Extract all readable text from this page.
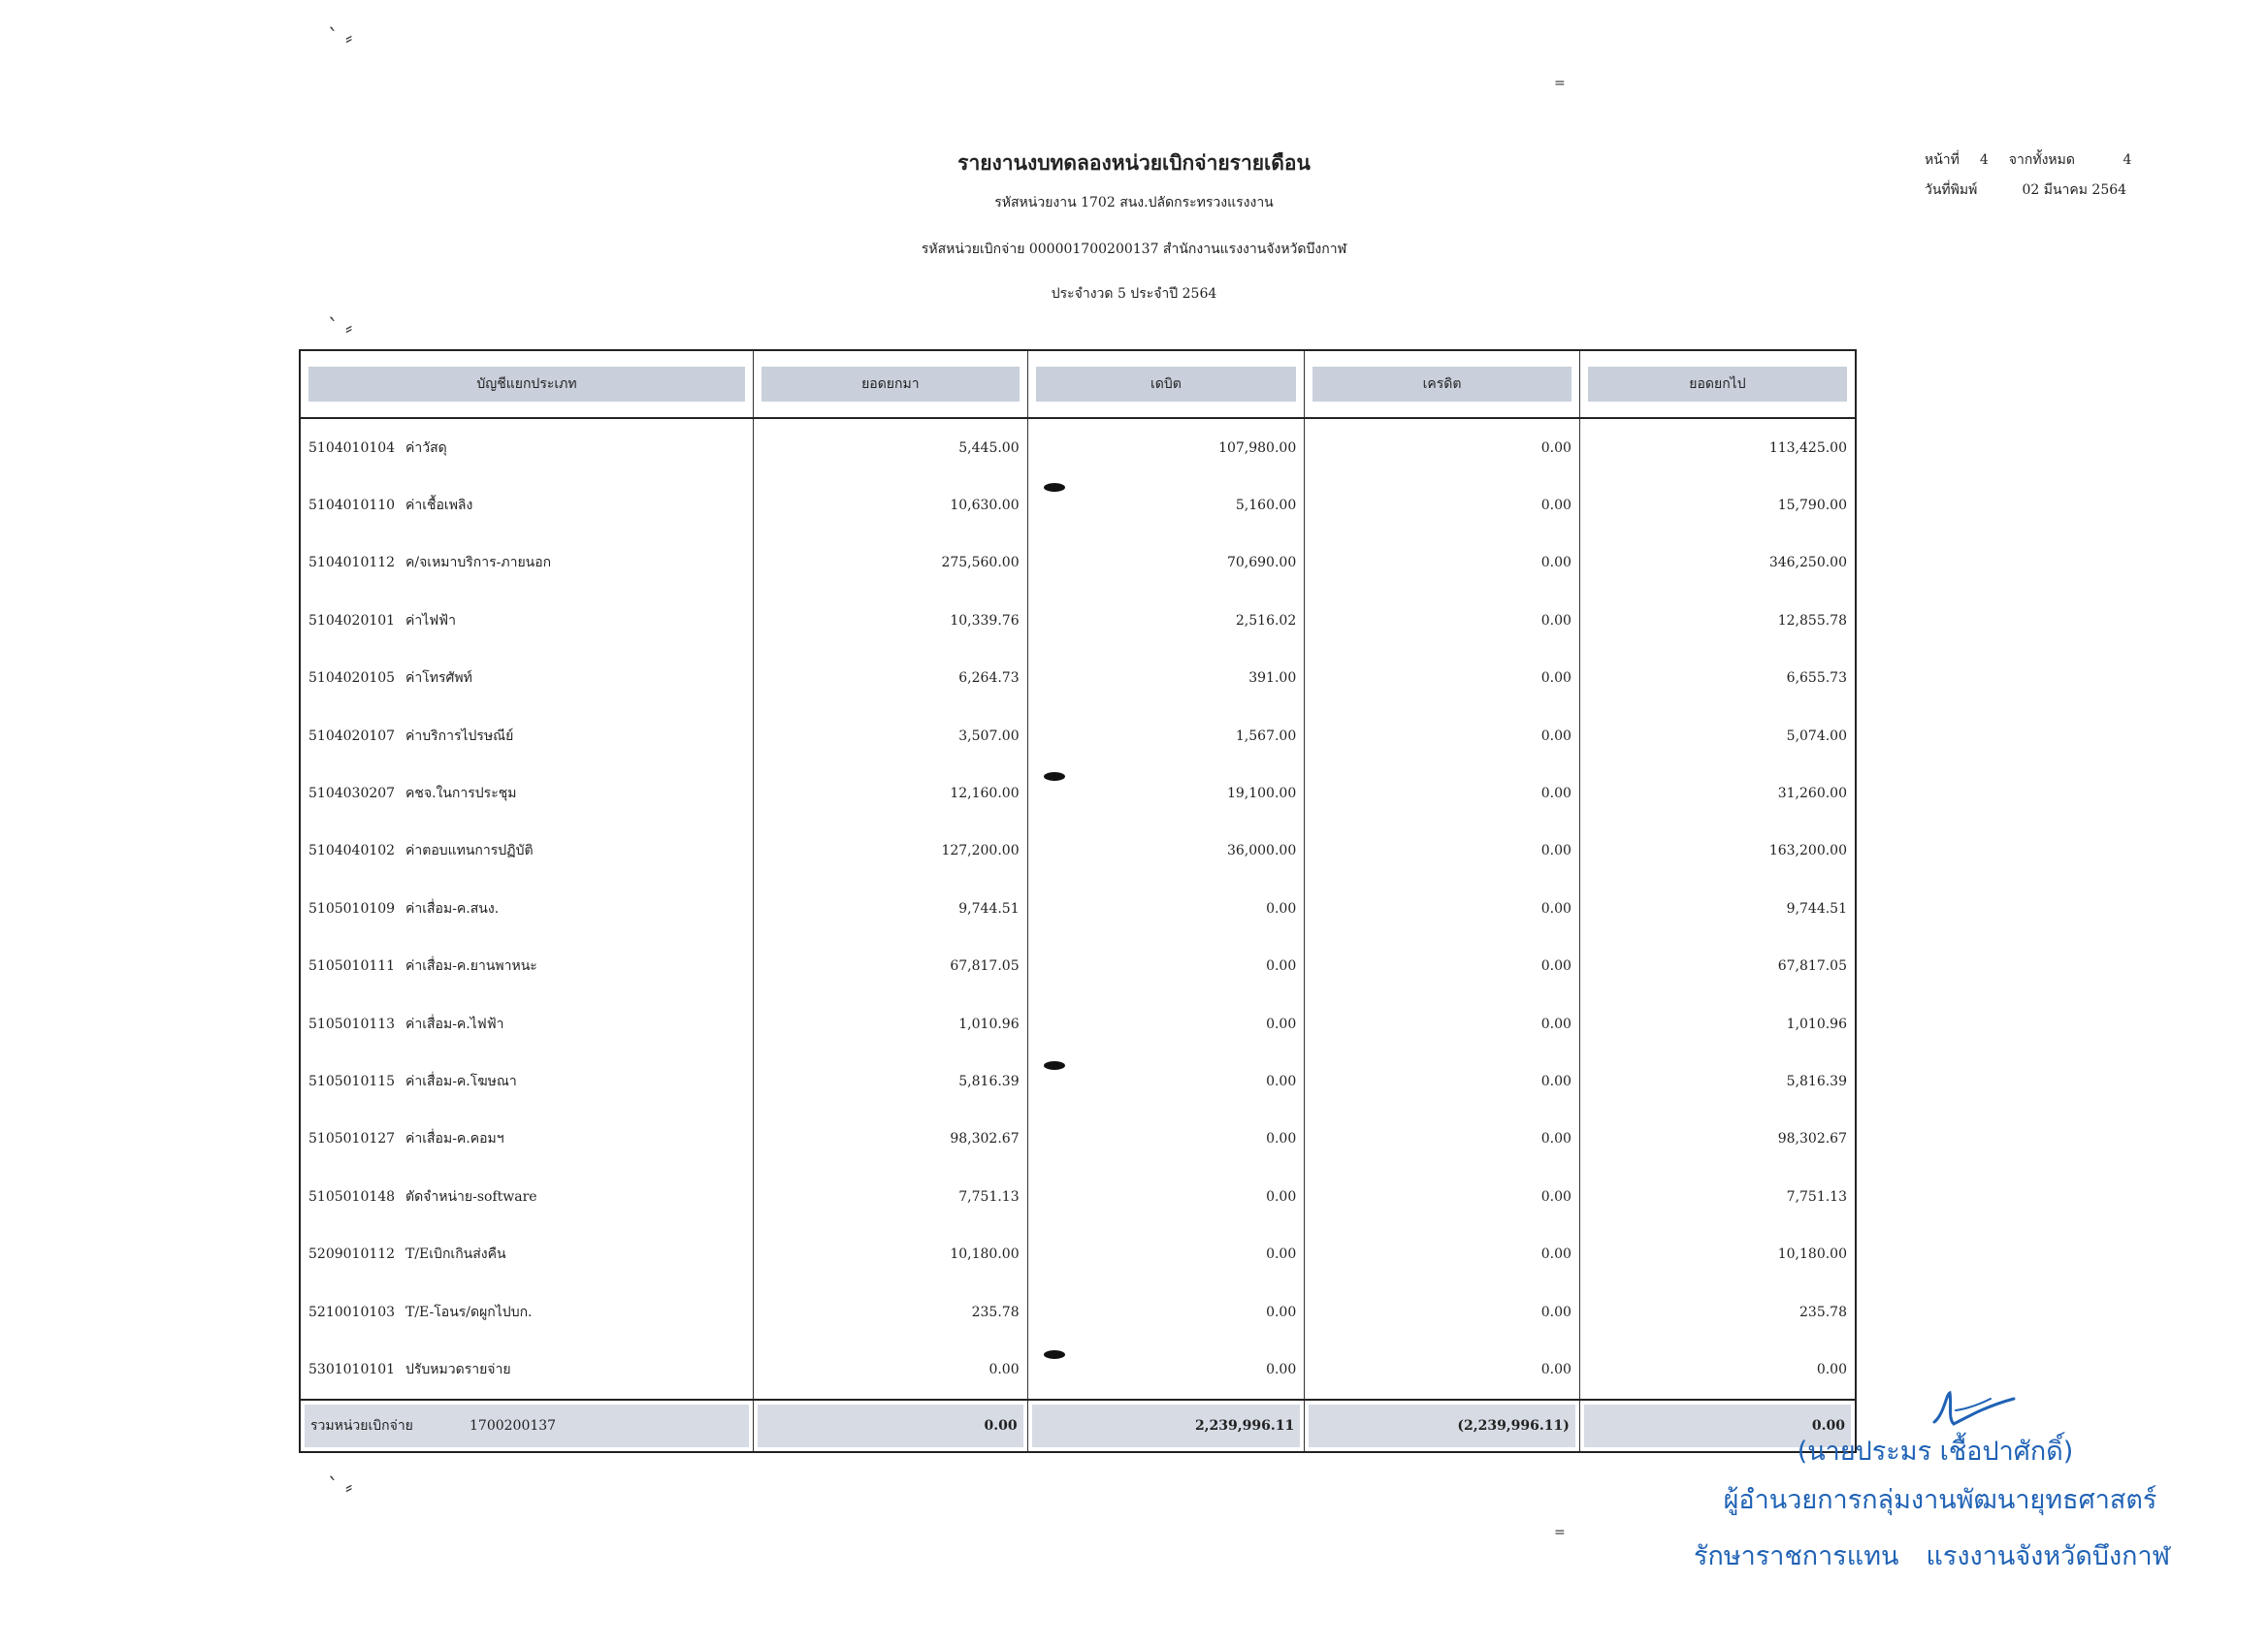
รายงานงบทดลองหน่วยเบิกจ่ายรายเดือน
รหัสหน่วยงาน 1702 สนง.ปลัดกระทรวงแรงงาน
รหัสหน่วยเบิกจ่าย 000001700200137 สำนักงานแรงงานจังหวัดบึงกาฬ
ประจำงวด 5 ประจำปี 2564
หน้าที่ 4 จากทั้งหมด	4
วันที่พิมพ์	02 มีนาคม 2564
` ⸗
` ⸗
` ⸗
=
=
บัญชีแยกประเภท	ยอดยกมา	เดบิต	เครดิต	ยอดยกไป

5104010104 ค่าวัสดุ	5,445.00	107,980.00	0.00	113,425.00
5104010110 ค่าเชื้อเพลิง	10,630.00	5,160.00	0.00	15,790.00
5104010112 ค/จเหมาบริการ-ภายนอก	275,560.00	70,690.00	0.00	346,250.00
5104020101 ค่าไฟฟ้า	10,339.76	2,516.02	0.00	12,855.78
5104020105 ค่าโทรศัพท์	6,264.73	391.00	0.00	6,655.73
5104020107 ค่าบริการไปรษณีย์	3,507.00	1,567.00	0.00	5,074.00
5104030207 คชจ.ในการประชุม	12,160.00	19,100.00	0.00	31,260.00
5104040102 ค่าตอบแทนการปฏิบัติ	127,200.00	36,000.00	0.00	163,200.00
5105010109 ค่าเสื่อม-ค.สนง.	9,744.51	0.00	0.00	9,744.51
5105010111 ค่าเสื่อม-ค.ยานพาหนะ	67,817.05	0.00	0.00	67,817.05
5105010113 ค่าเสื่อม-ค.ไฟฟ้า	1,010.96	0.00	0.00	1,010.96
5105010115 ค่าเสื่อม-ค.โฆษณา	5,816.39	0.00	0.00	5,816.39
5105010127 ค่าเสื่อม-ค.คอมฯ	98,302.67	0.00	0.00	98,302.67
5105010148 ตัดจำหน่าย-software	7,751.13	0.00	0.00	7,751.13
5209010112 T/Eเบิกเกินส่งคืน	10,180.00	0.00	0.00	10,180.00
5210010103 T/E-โอนร/ดผูกไปบก.	235.78	0.00	0.00	235.78
5301010101 ปรับหมวดรายจ่าย	0.00	0.00	0.00	0.00

รวมหน่วยเบิกจ่าย 1700200137	0.00	2,239,996.11	(2,239,996.11)	0.00
(นายประมร เชื้อปาศักดิ์)
ผู้อำนวยการกลุ่มงานพัฒนายุทธศาสตร์
รักษาราชการแทน แรงงานจังหวัดบึงกาฬ
